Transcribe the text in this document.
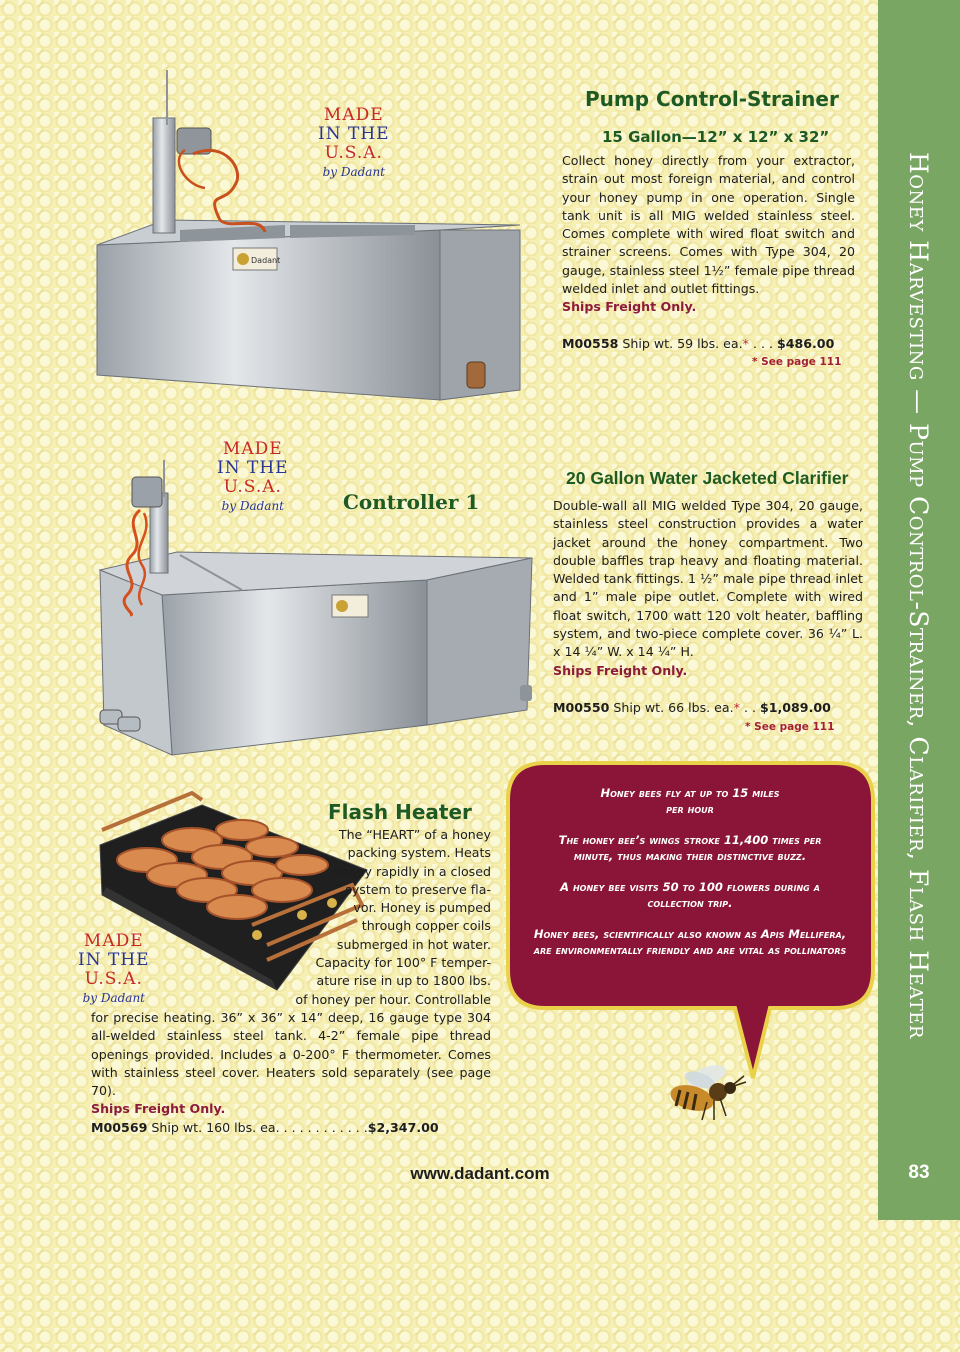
Honey Harvesting — Pump Control-Strainer, Clarifier, Flash Heater
83
www.dadant.com
Dadant
MADE
IN THE
U.S.A.
by Dadant
Pump Control-Strainer
15 Gallon—12” x 12” x 32”
Collect honey directly from your extractor, strain out most foreign material, and control your honey pump in one operation. Single tank unit is all MIG welded stainless steel. Comes complete with wired float switch and strainer screens. Comes with Type 304, 20 gauge, stainless steel 1½” female pipe thread welded inlet and outlet fittings.
Ships Freight Only.
M00558 Ship wt. 59 lbs. ea.* . . . $486.00
* See page 111
MADE
IN THE
U.S.A.
by Dadant	Controller 1
20 Gallon Water Jacketed Clarifier
Double-wall all MIG welded Type 304, 20 gauge, stainless steel construction provides a water jacket around the honey compartment. Two double baffles trap heavy and floating material. Welded tank fittings. 1 ½” male pipe thread inlet and 1” male pipe outlet. Complete with wired float switch, 1700 watt 120 volt heater, baffling system, and two-piece complete cover. 36 ¼” L. x 14 ¼” W. x 14 ¼” H.
Ships Freight Only.
M00550 Ship wt. 66 lbs. ea.* . . $1,089.00
* See page 111
MADE
IN THE
U.S.A.
by Dadant
Flash Heater
The “HEART” of a honey
packing system. Heats
honey rapidly in a closed
system to preserve fla-
vor. Honey is pumped
through copper coils
submerged in hot water.
Capacity for 100° F temper-
ature rise in up to 1800 lbs.
of honey per hour. Controllable
for precise heating. 36” x 36” x 14” deep, 16 gauge type 304 all-welded stainless steel tank. 4-2” female pipe thread openings provided. Includes a 0-200° F thermometer. Comes with stainless steel cover. Heaters sold separately (see page 70).
Ships Freight Only.
M00569 Ship wt. 160 lbs. ea. . . . . . . . . . . .$2,347.00

Honey bees fly at up to 15 miles per hour

The honey bee’s wings stroke 11,400 times per minute, thus making their distinctive buzz.

A honey bee visits 50 to 100 flowers during a collection trip.

Honey bees, scientifically also known as Apis Mellifera, are environmentally friendly and are vital as pollinators
